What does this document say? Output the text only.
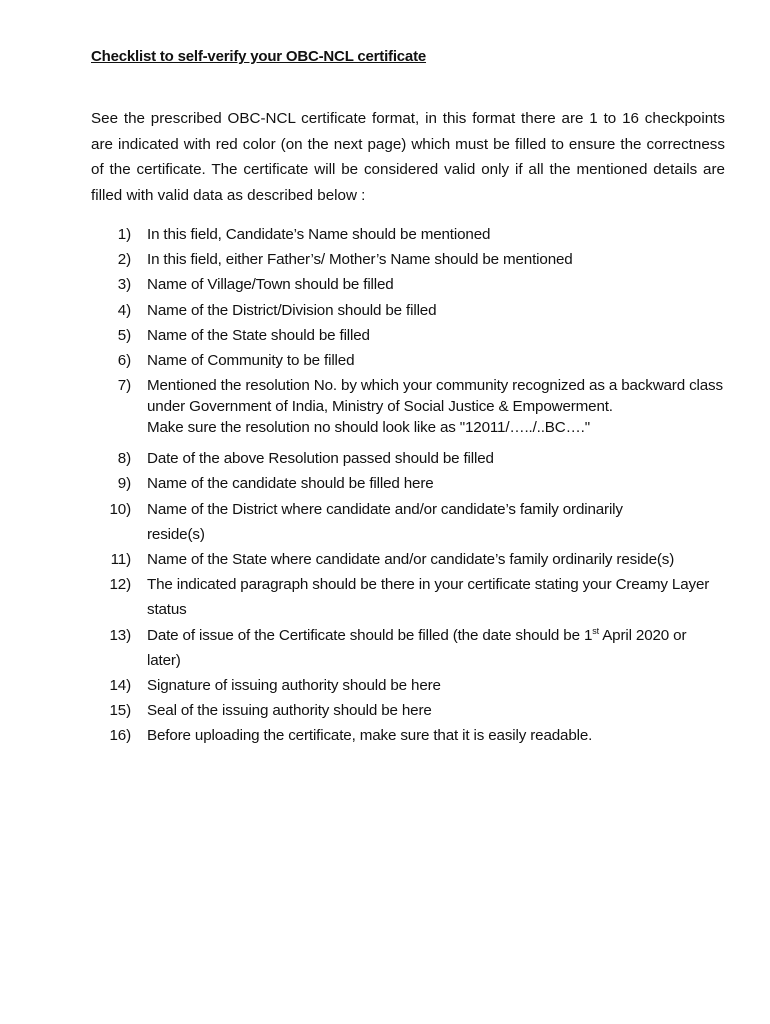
Checklist to self-verify your OBC-NCL certificate

See the prescribed OBC-NCL certificate format, in this format there are 1 to 16 checkpoints are indicated with red color (on the next page) which must be filled to ensure the correctness of the certificate. The certificate will be considered valid only if all the mentioned details are filled with valid data as described below :

1) In this field, Candidate’s Name should be mentioned
2) In this field, either Father’s/ Mother’s Name should be mentioned
3) Name of Village/Town should be filled
4) Name of the District/Division should be filled
5) Name of the State should be filled
6) Name of Community to be filled
7) Mentioned the resolution No. by which your community recognized as a backward class under Government of India, Ministry of Social Justice & Empowerment.
Make sure the resolution no should look like as "12011/…../..BC…."
8) Date of the above Resolution passed should be filled
9) Name of the candidate should be filled here
10) Name of the District where candidate and/or candidate’s family ordinarily reside(s)
11) Name of the State where candidate and/or candidate’s family ordinarily reside(s)
12) The indicated paragraph should be there in your certificate stating your Creamy Layer status
13) Date of issue of the Certificate should be filled (the date should be 1st April 2020 or later)
14) Signature of issuing authority should be here
15) Seal of the issuing authority should be here
16) Before uploading the certificate, make sure that it is easily readable.
